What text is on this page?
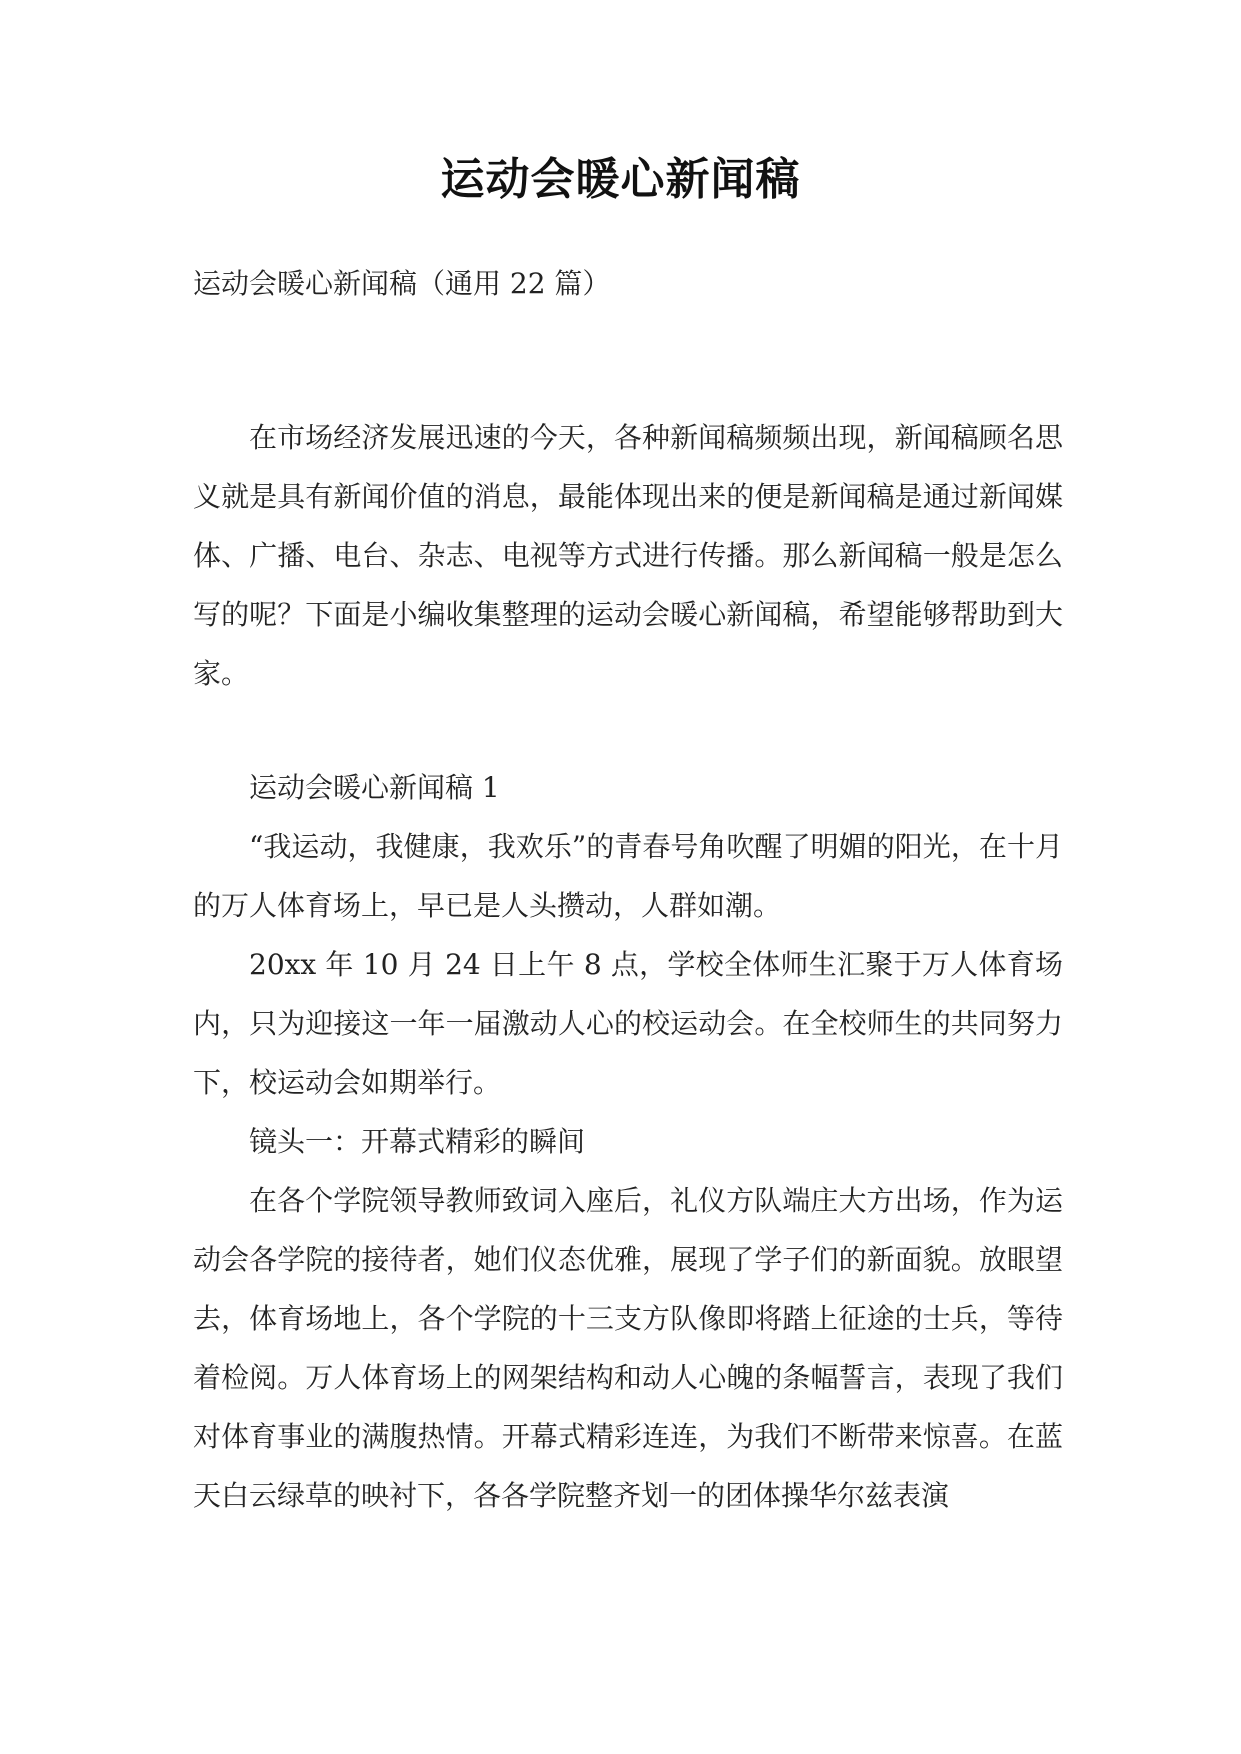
运动会暖心新闻稿
运动会暖心新闻稿（通用 22 篇）

在市场经济发展迅速的今天，各种新闻稿频频出现，新闻稿顾名思义就是具有新闻价值的消息，最能体现出来的便是新闻稿是通过新闻媒体、广播、电台、杂志、电视等方式进行传播。那么新闻稿一般是怎么写的呢？下面是小编收集整理的运动会暖心新闻稿，希望能够帮助到大家。

运动会暖心新闻稿 1

“我运动，我健康，我欢乐”的青春号角吹醒了明媚的阳光，在十月的万人体育场上，早已是人头攒动，人群如潮。

20xx 年 10 月 24 日上午 8 点，学校全体师生汇聚于万人体育场内，只为迎接这一年一届激动人心的校运动会。在全校师生的共同努力下，校运动会如期举行。

镜头一：开幕式精彩的瞬间

在各个学院领导教师致词入座后，礼仪方队端庄大方出场，作为运动会各学院的接待者，她们仪态优雅，展现了学子们的新面貌。放眼望去，体育场地上，各个学院的十三支方队像即将踏上征途的士兵，等待着检阅。万人体育场上的网架结构和动人心魄的条幅誓言，表现了我们对体育事业的满腹热情。开幕式精彩连连，为我们不断带来惊喜。在蓝天白云绿草的映衬下，各各学院整齐划一的团体操华尔兹表演
